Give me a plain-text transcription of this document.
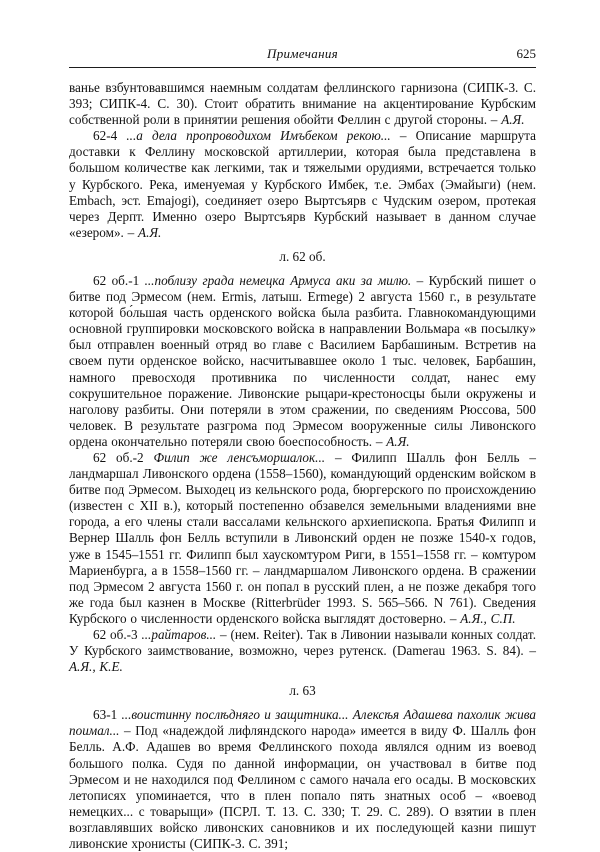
Примечания	625

ванье взбунтовавшимся наемным солдатам феллинского гарнизона (СИПК-3. С. 393; СИПК-4. С. 30). Стоит обратить внимание на акцентирование Курбским собственной роли в принятии решения обойти Феллин с другой стороны. – А.Я.

62-4 ...а дела пропроводихом Имъбеком рекою... – Описание маршрута доставки к Феллину московской артиллерии, которая была представлена в большом количестве как легкими, так и тяжелыми орудиями, встречается только у Курбского. Река, именуемая у Курбского Имбек, т.е. Эмбах (Эмайыги) (нем. Embach, эст. Emajogi), соединяет озеро Выртсъярв с Чудским озером, протекая через Дерпт. Именно озеро Выртсъярв Курбский называет в данном случае «езером». – А.Я.

л. 62 об.

62 об.-1 ...поблизу града немецка Армуса аки за милю. – Курбский пишет о битве под Эрмесом (нем. Ermis, латыш. Ermege) 2 августа 1560 г., в результате которой бо́льшая часть орденского войска была разбита. Главнокомандующими основной группировки московского войска в направлении Вольмара «в посылку» был отправлен военный отряд во главе с Василием Барбашиным. Встретив на своем пути орденское войско, насчитывавшее около 1 тыс. человек, Барбашин, намного превосходя противника по численности солдат, нанес ему сокрушительное поражение. Ливонские рыцари-крестоносцы были окружены и наголову разбиты. Они потеряли в этом сражении, по сведениям Рюссова, 500 человек. В результате разгрома под Эрмесом вооруженные силы Ливонского ордена окончательно потеряли свою боеспособность. – А.Я.

62 об.-2 Филип же ленсъморшалок... – Филипп Шалль фон Белль – ландмаршал Ливонского ордена (1558–1560), командующий орденским войском в битве под Эрмесом. Выходец из кельнского рода, бюргерского по происхождению (известен с XII в.), который постепенно обзавелся земельными владениями вне города, а его члены стали вассалами кельнского архиепископа. Братья Филипп и Вернер Шалль фон Белль вступили в Ливонский орден не позже 1540-х годов, уже в 1545–1551 гг. Филипп был хаускомтуром Риги, в 1551–1558 гг. – комтуром Мариенбурга, а в 1558–1560 гг. – ландмаршалом Ливонского ордена. В сражении под Эрмесом 2 августа 1560 г. он попал в русский плен, а не позже декабря того же года был казнен в Москве (Ritterbrüder 1993. S. 565–566. N 761). Сведения Курбского о численности орденского войска выглядят достоверно. – А.Я., С.П.

62 об.-3 ...райтаров... – (нем. Reiter). Так в Ливонии называли конных солдат. У Курбского заимствование, возможно, через рутенск. (Damerau 1963. S. 84). – А.Я., К.Е.

л. 63

63-1 ...воистинну послѣдняго и защитника... Алексѣя Адашева пахолик жива поимал... – Под «надеждой лифляндского народа» имеется в виду Ф. Шалль фон Белль. А.Ф. Адашев во время Феллинского похода являлся одним из воевод большого полка. Судя по данной информации, он участвовал в битве под Эрмесом и не находился под Феллином с самого начала его осады. В московских летописях упоминается, что в плен попало пять знатных особ – «воевод немецких... с товарыщи» (ПСРЛ. Т. 13. С. 330; Т. 29. С. 289). О взятии в плен возглавлявших войско ливонских сановников и их последующей казни пишут ливонские хронисты (СИПК-3. С. 391;
